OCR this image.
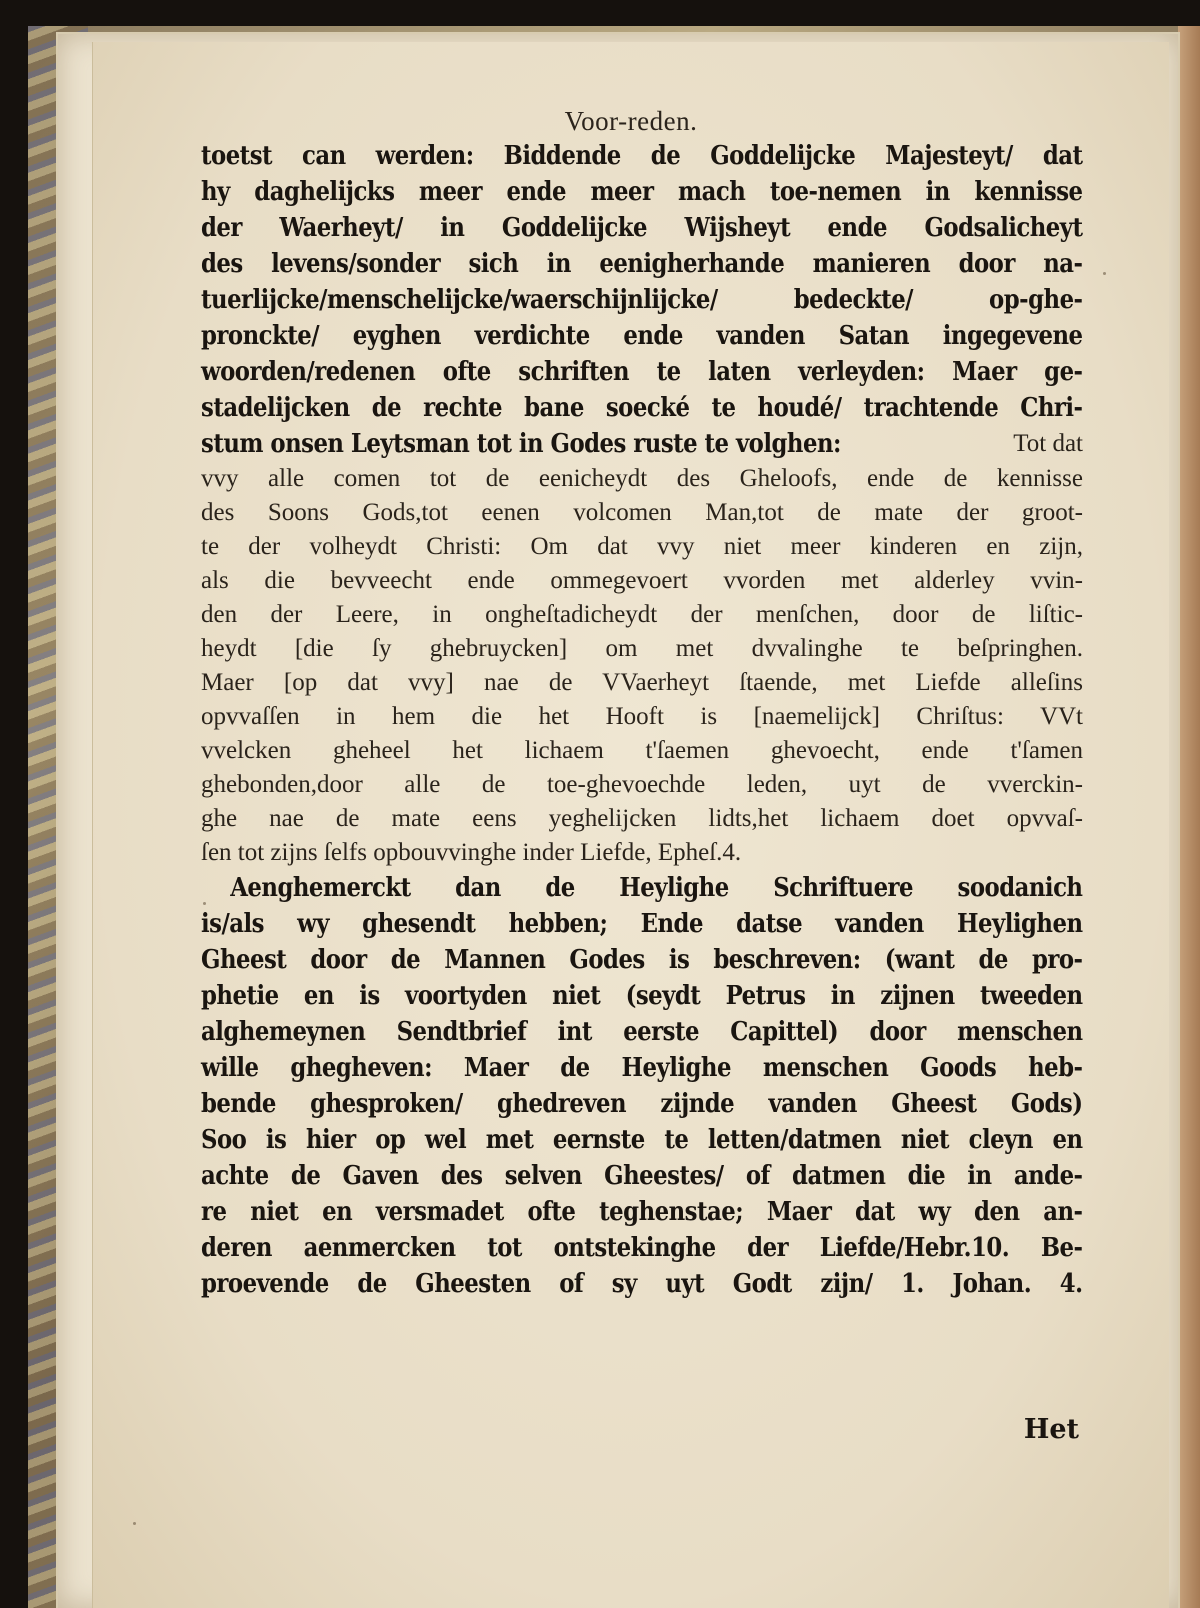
Voor-reden.
toetst can werden: Biddende de Goddelijcke Majesteyt/ dat
hy daghelijcks meer ende meer mach toe-nemen in kennisse
der Waerheyt/ in Goddelijcke Wijsheyt ende Godsalicheyt
des levens/sonder sich in eenigherhande manieren door na-
tuerlijcke/menschelijcke/waerschijnlijcke/ bedeckte/ op-ghe-
pronckte/ eyghen verdichte ende vanden Satan ingegevene
woorden/redenen ofte schriften te laten verleyden: Maer ge-
stadelijcken de rechte bane soecké te houdé/ trachtende Chri-
stum onsen Leytsman tot in Godes ruste te volghen:	Tot dat
vvy alle comen tot de eenicheydt des Gheloofs, ende de kennisse
des Soons Gods,tot eenen volcomen Man,tot de mate der groot-
te der volheydt Christi: Om dat vvy niet meer kinderen en zijn,
als die bevveecht ende ommegevoert vvorden met alderley vvin-
den der Leere, in ongheſtadicheydt der menſchen, door de liſtic-
heydt [die ſy ghebruycken] om met dvvalinghe te beſpringhen.
Maer [op dat vvy] nae de VVaerheyt ſtaende, met Liefde alleſins
opvvaſſen in hem die het Hooft is [naemelijck] Chriſtus: VVt
vvelcken gheheel het lichaem t'ſaemen ghevoecht, ende t'ſamen
ghebonden,door alle de toe-ghevoechde leden, uyt de vverckin-
ghe nae de mate eens yeghelijcken lidts,het lichaem doet opvvaſ-
ſen tot zijns ſelfs opbouvvinghe inder Liefde, Epheſ.4.
Aenghemerckt dan de Heylighe Schriftuere soodanich
is/als wy ghesendt hebben; Ende datse vanden Heylighen
Gheest door de Mannen Godes is beschreven: (want de pro-
phetie en is voortyden niet (seydt Petrus in zijnen tweeden
alghemeynen Sendtbrief int eerste Capittel) door menschen
wille ghegheven: Maer de Heylighe menschen Goods heb-
bende ghesproken/ ghedreven zijnde vanden Gheest Gods)
Soo is hier op wel met eernste te letten/datmen niet cleyn en
achte de Gaven des selven Gheestes/ of datmen die in ande-
re niet en versmadet ofte teghenstae; Maer dat wy den an-
deren aenmercken tot ontstekinghe der Liefde/Hebr.10. Be-
proevende de Gheesten of sy uyt Godt zijn/ 1. Johan. 4.
Het
